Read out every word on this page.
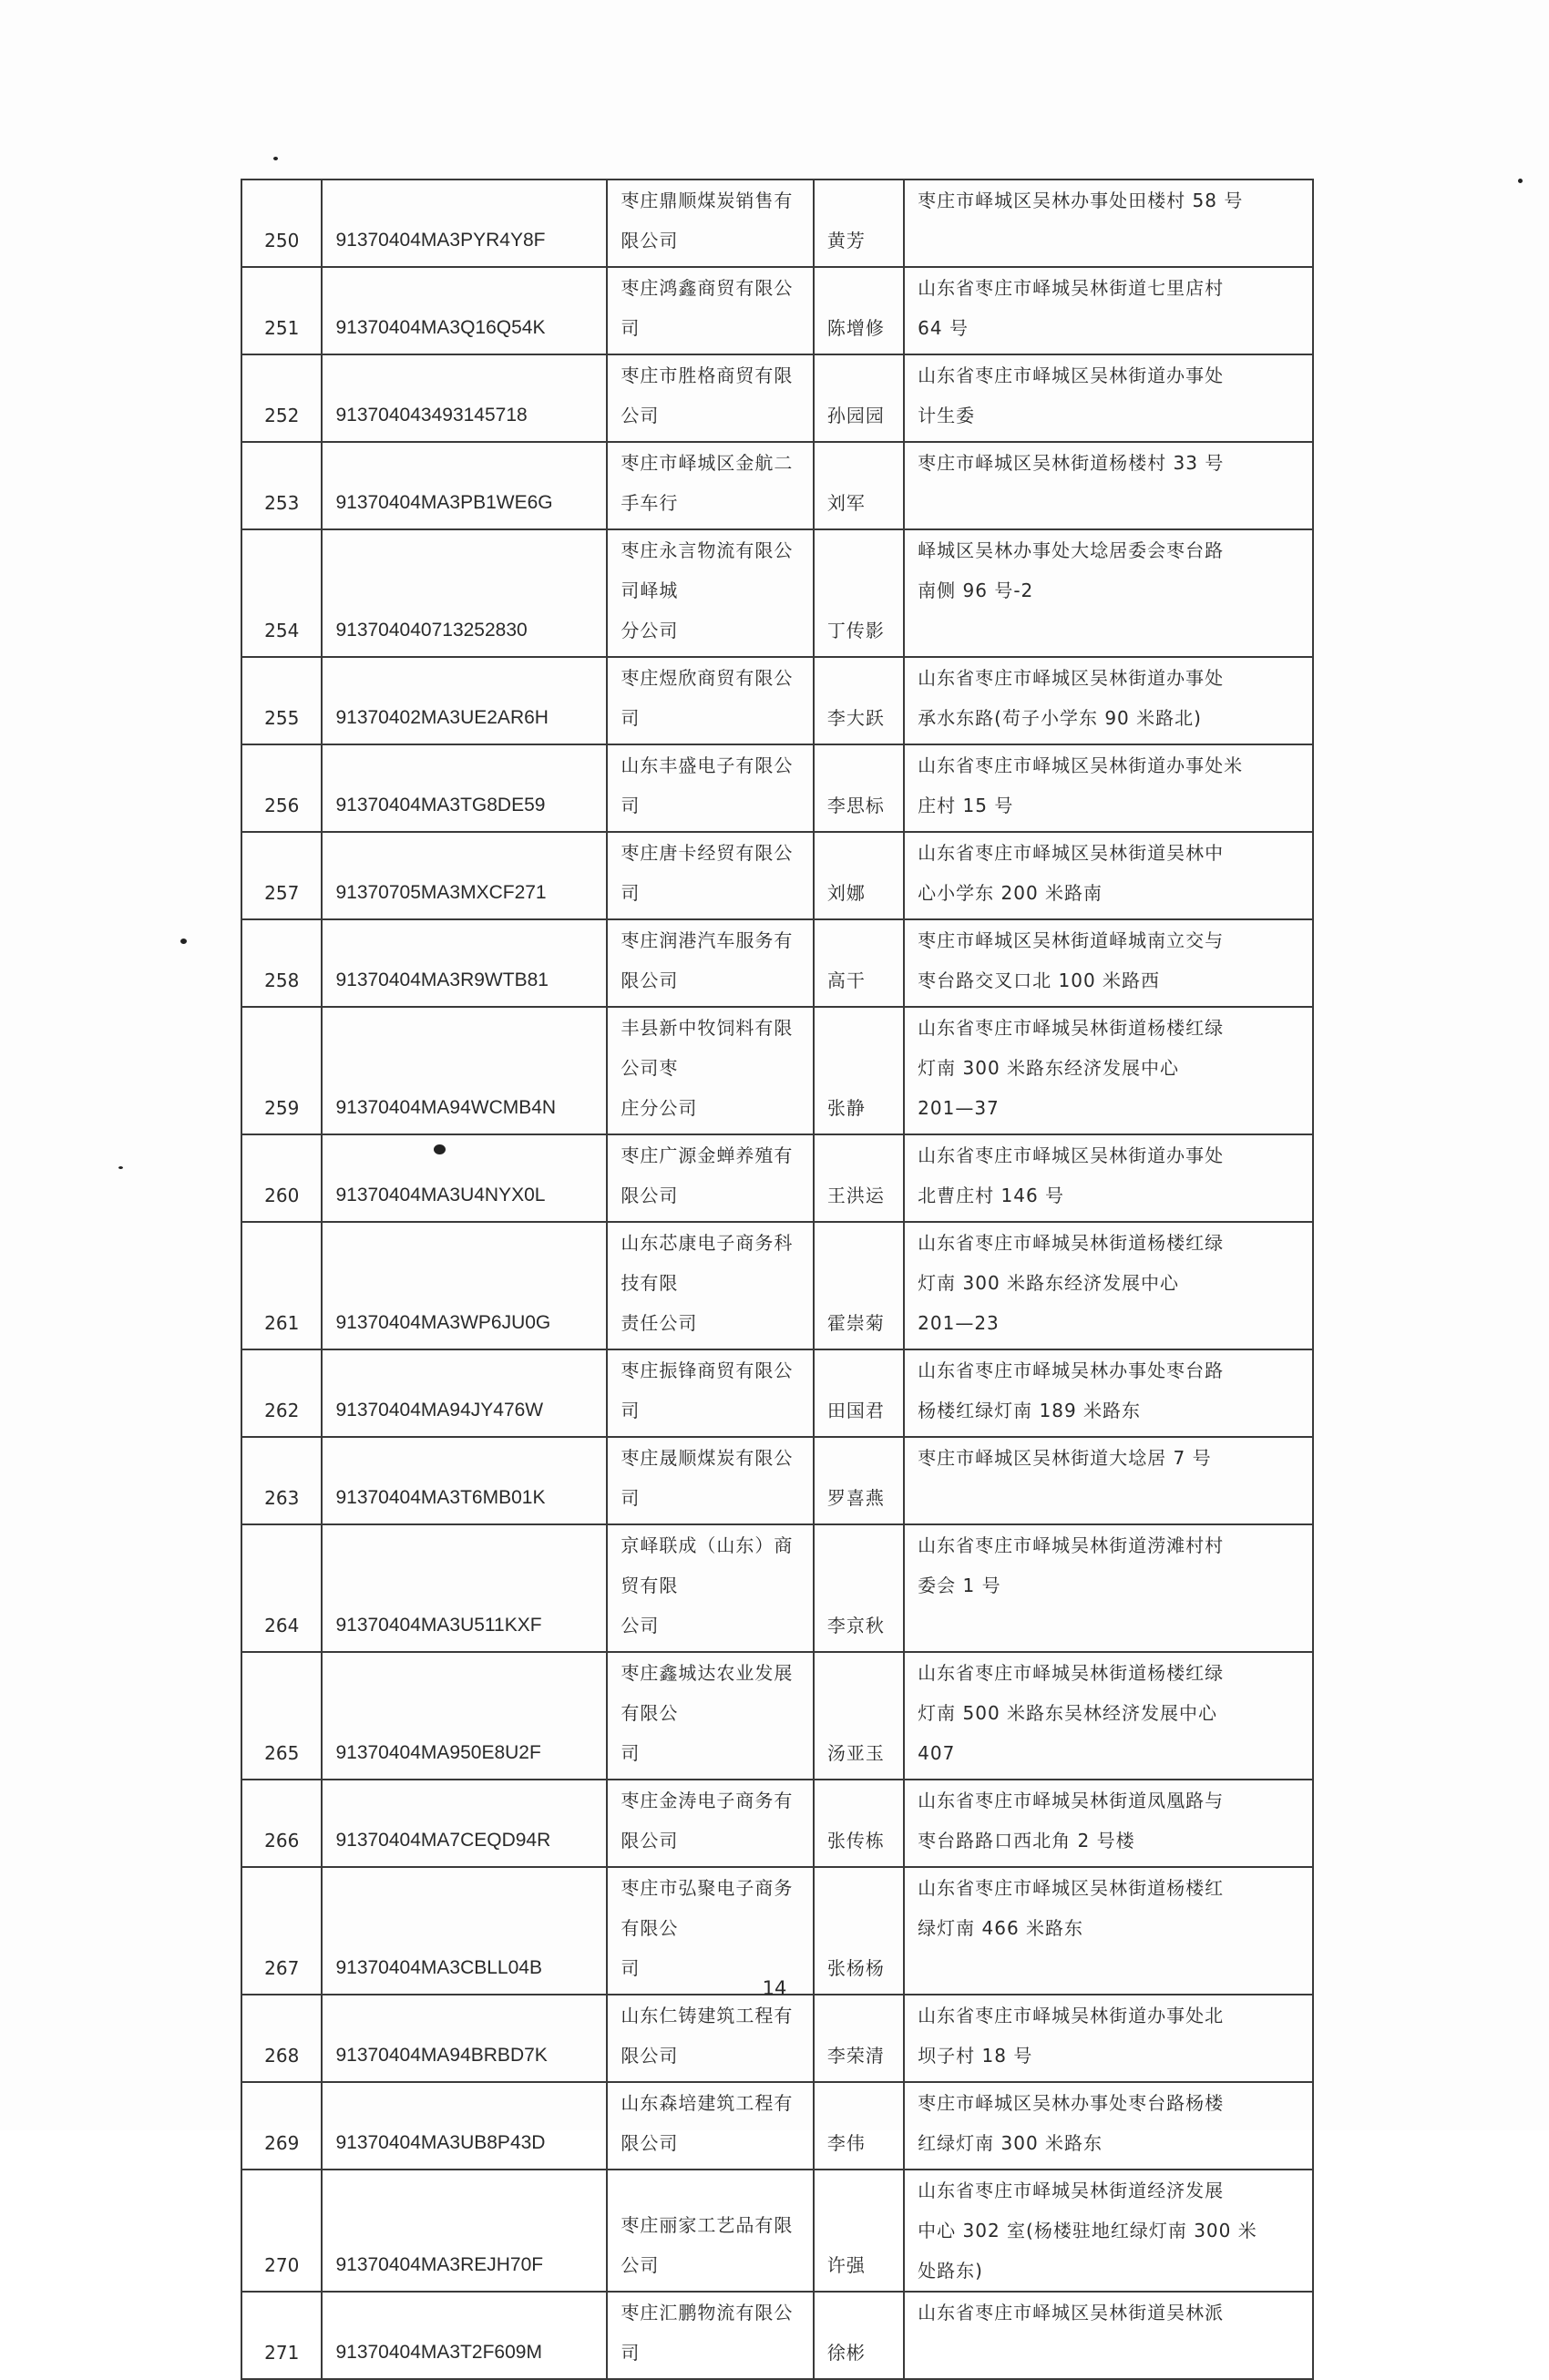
250	91370404MA3PYR4Y8F	枣庄鼎顺煤炭销售有限公司	黄芳	枣庄市峄城区吴林办事处田楼村 58 号

251	91370404MA3Q16Q54K	枣庄鸿鑫商贸有限公司	陈增修	山东省枣庄市峄城吴林街道七里店村
64 号

252	913704043493145718	枣庄市胜格商贸有限公司	孙园园	山东省枣庄市峄城区吴林街道办事处
计生委

253	91370404MA3PB1WE6G	枣庄市峄城区金航二手车行	刘军	枣庄市峄城区吴林街道杨楼村 33 号

254	913704040713252830	枣庄永言物流有限公司峄城
分公司	丁传影	峄城区吴林办事处大埝居委会枣台路
南侧 96 号-2

255	91370402MA3UE2AR6H	枣庄煜欣商贸有限公司	李大跃	山东省枣庄市峄城区吴林街道办事处
承水东路(苟子小学东 90 米路北)

256	91370404MA3TG8DE59	山东丰盛电子有限公司	李思标	山东省枣庄市峄城区吴林街道办事处米
庄村 15 号

257	91370705MA3MXCF271	枣庄唐卡经贸有限公司	刘娜	山东省枣庄市峄城区吴林街道吴林中
心小学东 200 米路南

258	91370404MA3R9WTB81	枣庄润港汽车服务有限公司	高干	枣庄市峄城区吴林街道峄城南立交与
枣台路交叉口北 100 米路西

259	91370404MA94WCMB4N	丰县新中牧饲料有限公司枣
庄分公司	张静	山东省枣庄市峄城吴林街道杨楼红绿
灯南 300 米路东经济发展中心
201—37

260	91370404MA3U4NYX0L	枣庄广源金蝉养殖有限公司	王洪运	山东省枣庄市峄城区吴林街道办事处
北曹庄村 146 号

261	91370404MA3WP6JU0G	山东芯康电子商务科技有限
责任公司	霍崇菊	山东省枣庄市峄城吴林街道杨楼红绿
灯南 300 米路东经济发展中心
201—23

262	91370404MA94JY476W	枣庄振锋商贸有限公司	田国君	山东省枣庄市峄城吴林办事处枣台路
杨楼红绿灯南 189 米路东

263	91370404MA3T6MB01K	枣庄晟顺煤炭有限公司	罗喜燕	枣庄市峄城区吴林街道大埝居 7 号

264	91370404MA3U511KXF	京峄联成（山东）商贸有限
公司	李京秋	山东省枣庄市峄城吴林街道涝滩村村
委会 1 号

265	91370404MA950E8U2F	枣庄鑫城达农业发展有限公
司	汤亚玉	山东省枣庄市峄城吴林街道杨楼红绿
灯南 500 米路东吴林经济发展中心
407

266	91370404MA7CEQD94R	枣庄金涛电子商务有限公司	张传栋	山东省枣庄市峄城吴林街道凤凰路与
枣台路路口西北角 2 号楼

267	91370404MA3CBLL04B	枣庄市弘聚电子商务有限公
司	张杨杨	山东省枣庄市峄城区吴林街道杨楼红
绿灯南 466 米路东

268	91370404MA94BRBD7K	山东仁铸建筑工程有限公司	李荣清	山东省枣庄市峄城吴林街道办事处北
坝子村 18 号

269	91370404MA3UB8P43D	山东森培建筑工程有限公司	李伟	枣庄市峄城区吴林办事处枣台路杨楼
红绿灯南 300 米路东

270	91370404MA3REJH70F	枣庄丽家工艺品有限公司	许强	山东省枣庄市峄城吴林街道经济发展
中心 302 室(杨楼驻地红绿灯南 300 米
处路东)

271	91370404MA3T2F609M	枣庄汇鹏物流有限公司	徐彬	山东省枣庄市峄城区吴林街道吴林派
14
